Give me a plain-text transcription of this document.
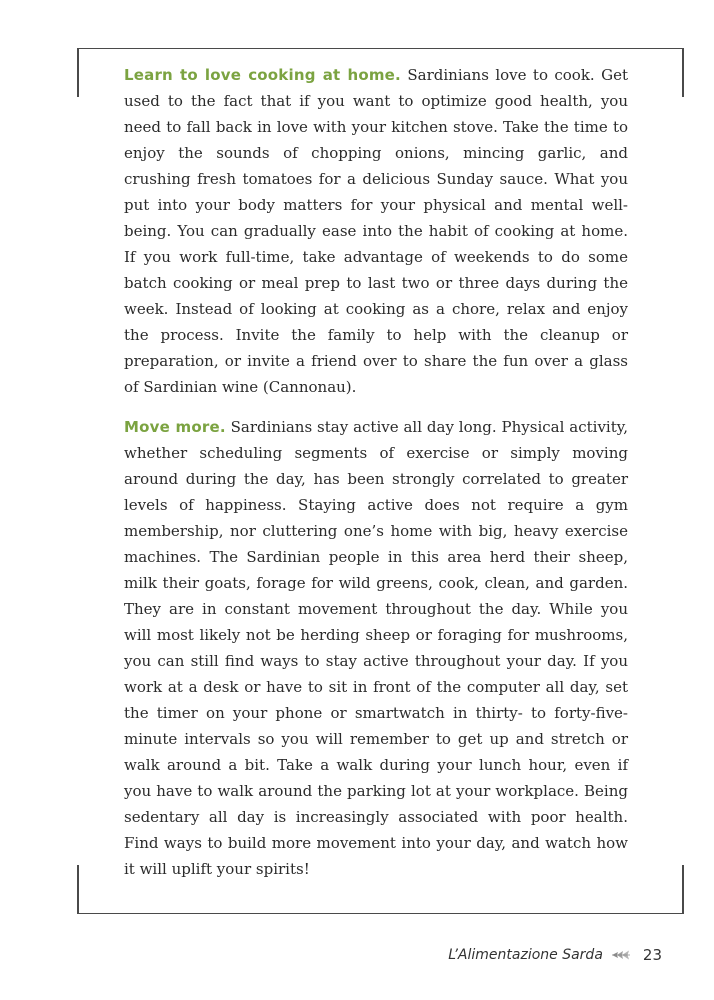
Learn to love cooking at home. Sardinians love to cook. Get used to the fact that if you want to optimize good health, you need to fall back in love with your kitchen stove. Take the time to enjoy the sounds of chopping onions, mincing garlic, and crushing fresh tomatoes for a delicious Sunday sauce. What you put into your body matters for your physical and mental well-being. You can gradually ease into the habit of cooking at home. If you work full-time, take advantage of weekends to do some batch cooking or meal prep to last two or three days during the week. Instead of looking at cooking as a chore, relax and enjoy the process. Invite the family to help with the cleanup or preparation, or invite a friend over to share the fun over a glass of Sardinian wine (Cannonau).

Move more. Sardinians stay active all day long. Physical activity, whether scheduling segments of exercise or simply moving around during the day, has been strongly correlated to greater levels of happiness. Staying active does not require a gym membership, nor cluttering one’s home with big, heavy exercise machines. The Sardinian people in this area herd their sheep, milk their goats, forage for wild greens, cook, clean, and garden. They are in constant movement throughout the day. While you will most likely not be herding sheep or foraging for mushrooms, you can still find ways to stay active throughout your day. If you work at a desk or have to sit in front of the computer all day, set the timer on your phone or smartwatch in thirty- to forty-five-minute intervals so you will remember to get up and stretch or walk around a bit. Take a walk during your lunch hour, even if you have to walk around the parking lot at your workplace. Being sedentary all day is increasingly associated with poor health. Find ways to build more movement into your day, and watch how it will uplift your spirits!

L’Alimentazione Sarda	23
